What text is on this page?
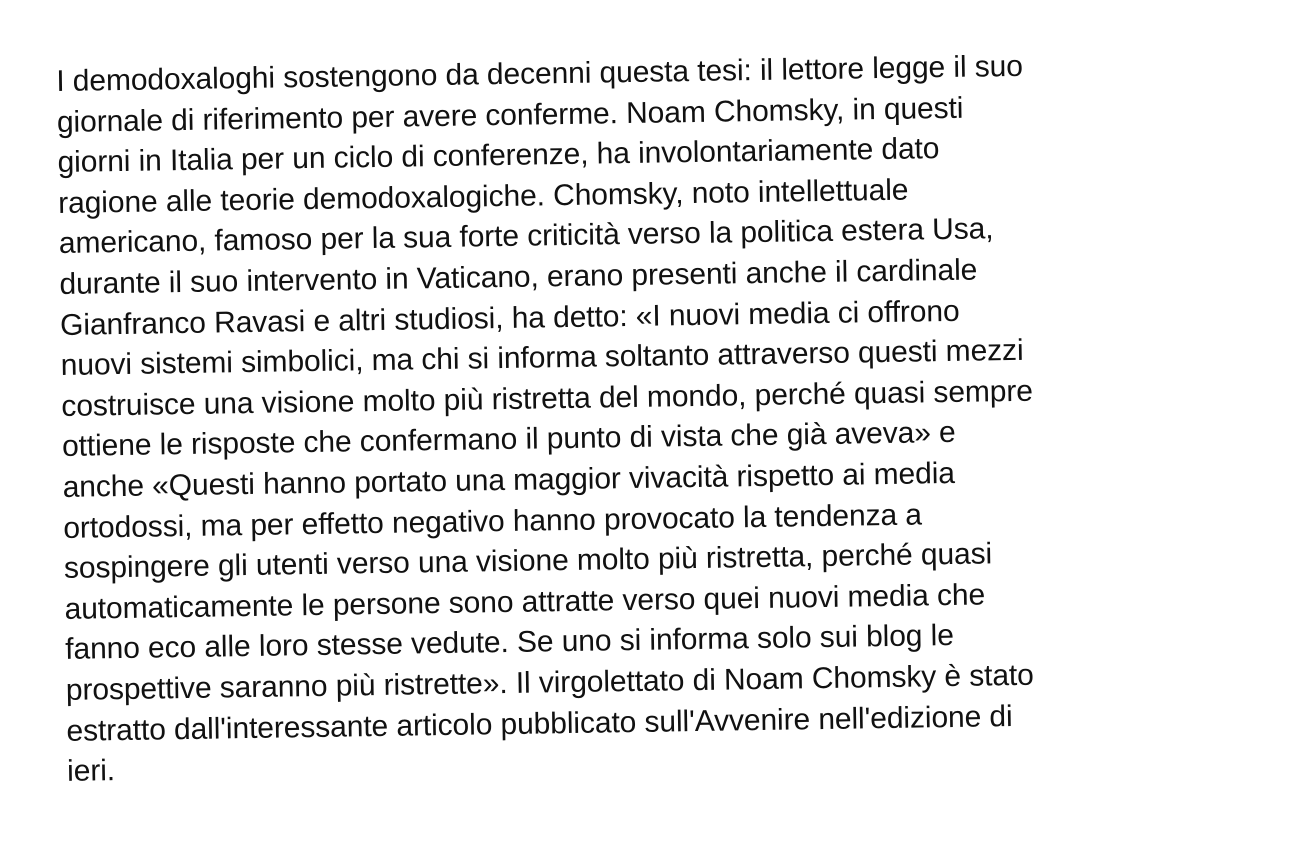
I demodoxaloghi sostengono da decenni questa tesi: il lettore legge il suo
giornale di riferimento per avere conferme. Noam Chomsky, in questi
giorni in Italia per un ciclo di conferenze, ha involontariamente dato
ragione alle teorie demodoxalogiche. Chomsky, noto intellettuale
americano, famoso per la sua forte criticità verso la politica estera Usa,
durante il suo intervento in Vaticano, erano presenti anche il cardinale
Gianfranco Ravasi e altri studiosi, ha detto: «I nuovi media ci offrono
nuovi sistemi simbolici, ma chi si informa soltanto attraverso questi mezzi
costruisce una visione molto più ristretta del mondo, perché quasi sempre
ottiene le risposte che confermano il punto di vista che già aveva» e
anche «Questi hanno portato una maggior vivacità rispetto ai media
ortodossi, ma per effetto negativo hanno provocato la tendenza a
sospingere gli utenti verso una visione molto più ristretta, perché quasi
automaticamente le persone sono attratte verso quei nuovi media che
fanno eco alle loro stesse vedute. Se uno si informa solo sui blog le
prospettive saranno più ristrette». Il virgolettato di Noam Chomsky è stato
estratto dall'interessante articolo pubblicato sull'Avvenire nell'edizione di
ieri.
